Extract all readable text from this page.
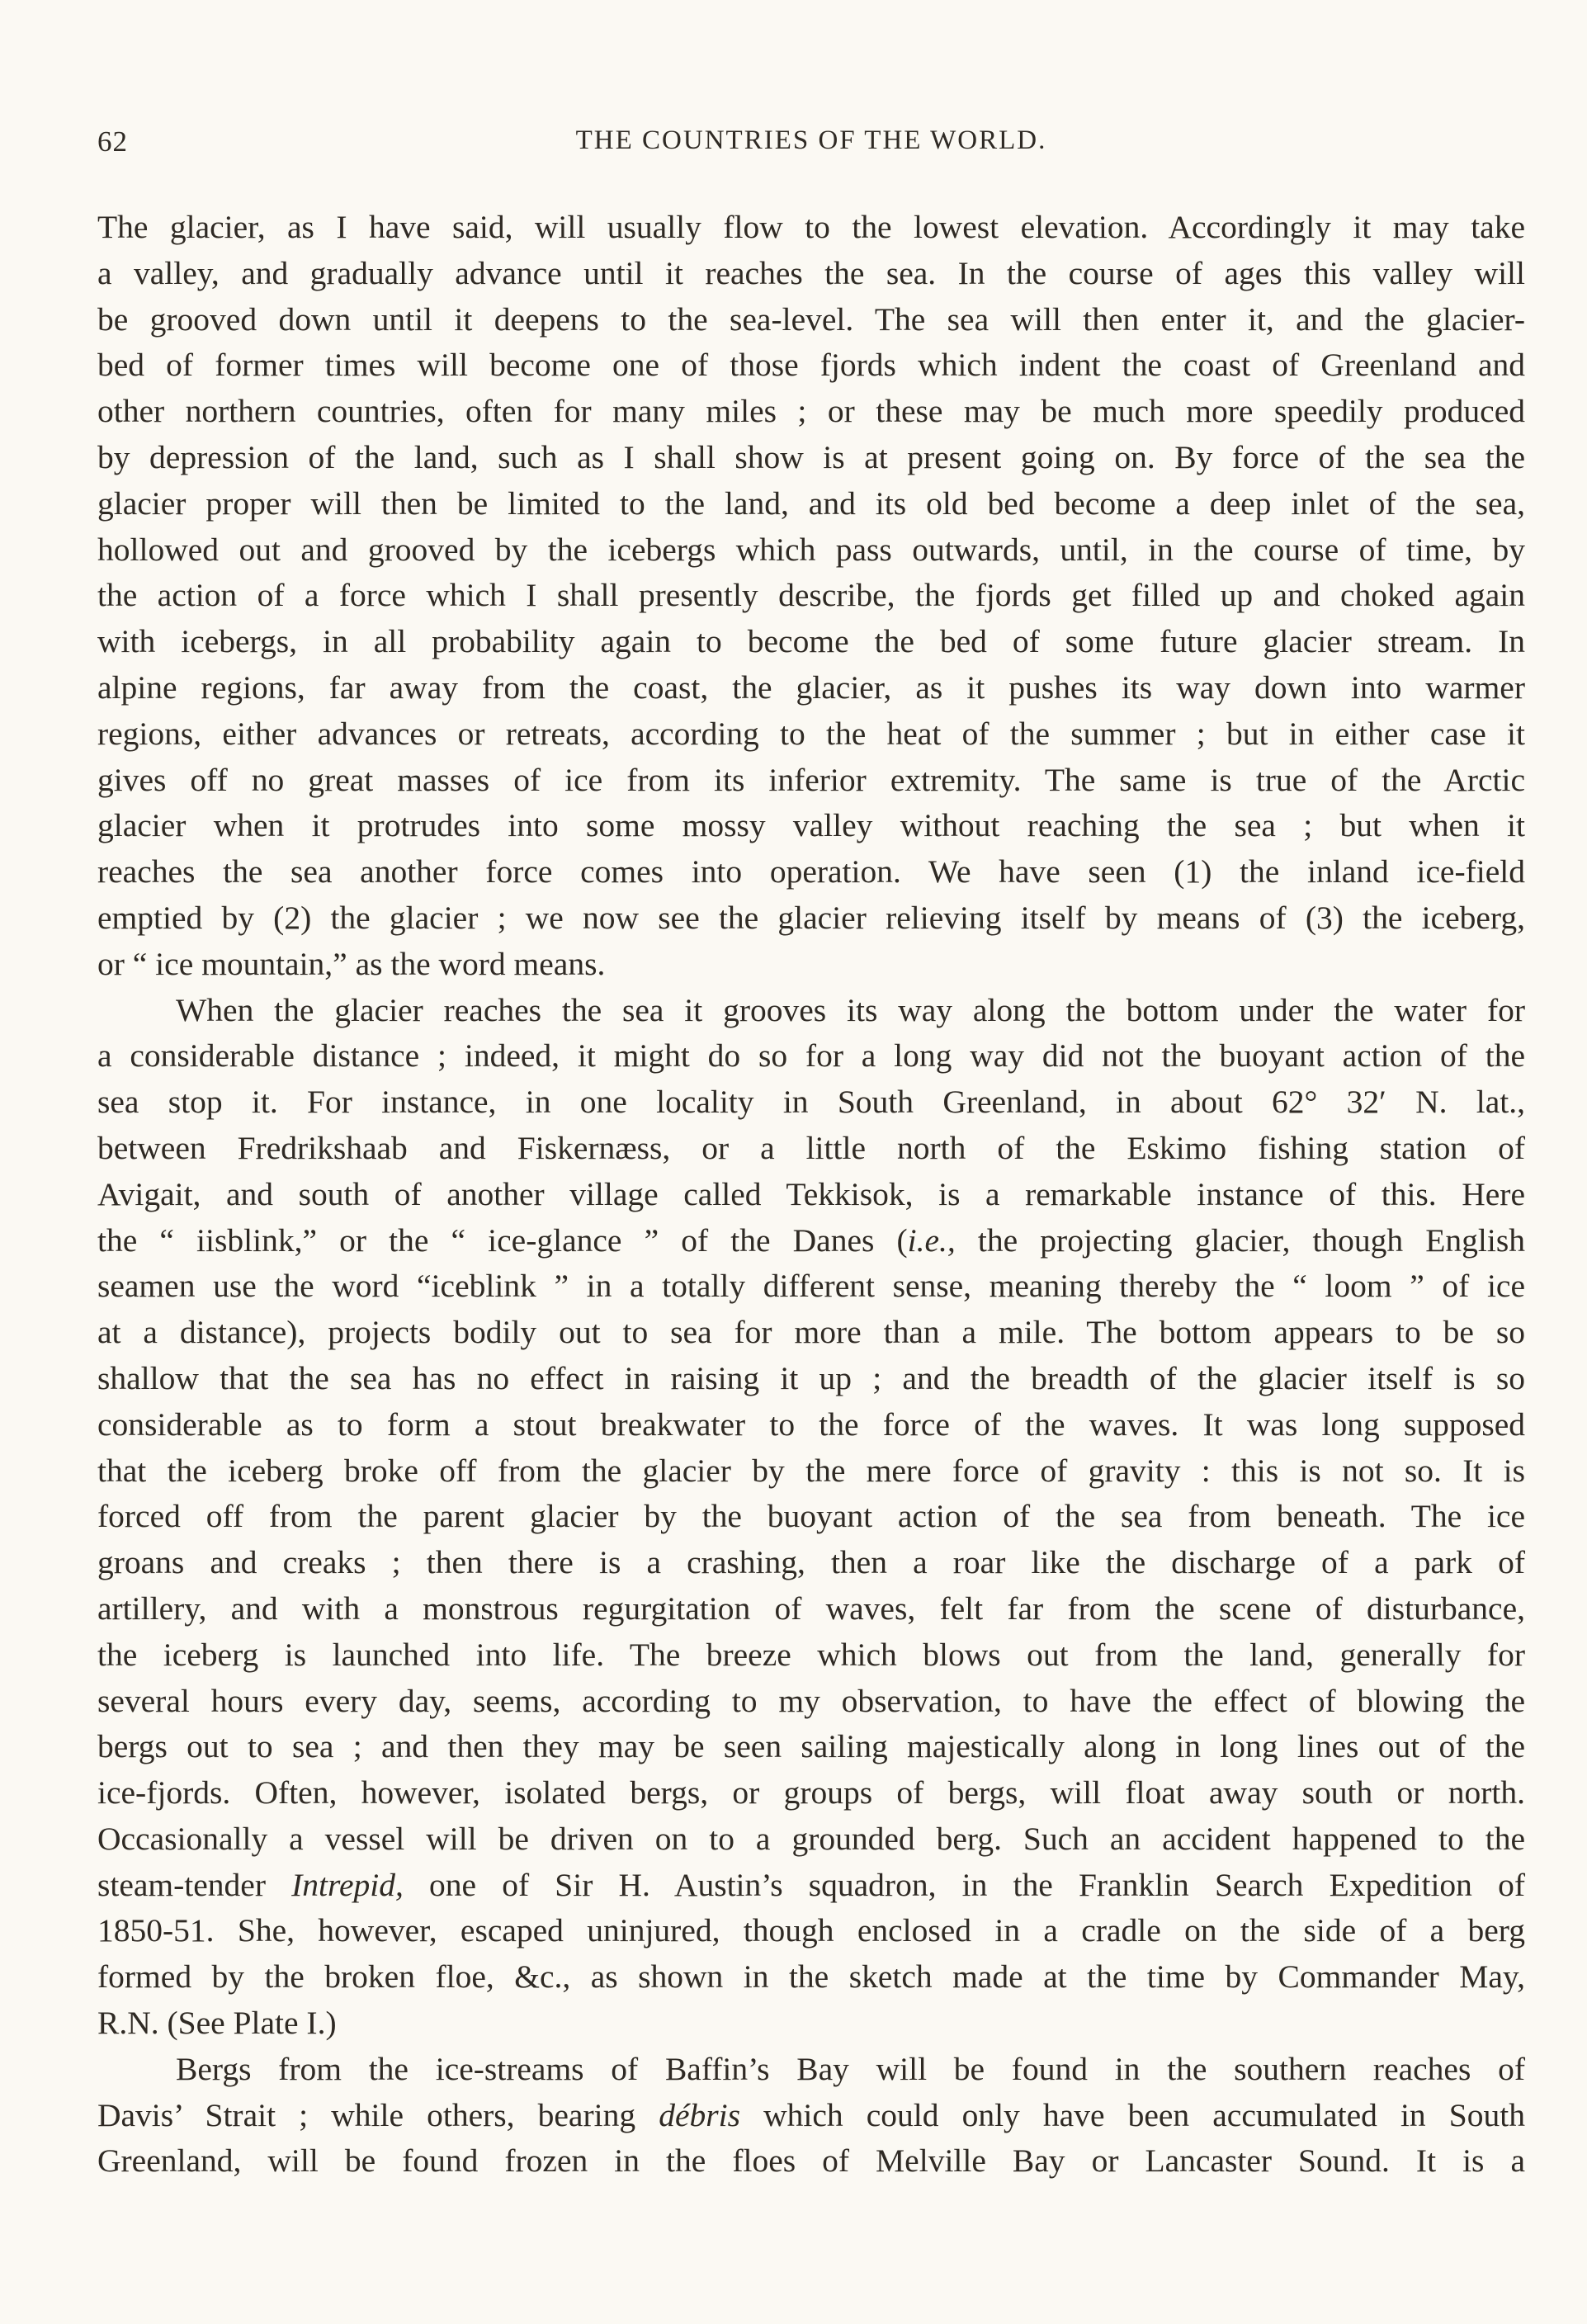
62	THE COUNTRIES OF THE WORLD.
The glacier, as I have said, will usually flow to the lowest elevation. Accordingly it may take
a valley, and gradually advance until it reaches the sea. In the course of ages this valley will
be grooved down until it deepens to the sea-level. The sea will then enter it, and the glacier-
bed of former times will become one of those fjords which indent the coast of Greenland and
other northern countries, often for many miles ; or these may be much more speedily produced
by depression of the land, such as I shall show is at present going on. By force of the sea the
glacier proper will then be limited to the land, and its old bed become a deep inlet of the sea,
hollowed out and grooved by the icebergs which pass outwards, until, in the course of time, by
the action of a force which I shall presently describe, the fjords get filled up and choked again
with icebergs, in all probability again to become the bed of some future glacier stream. In
alpine regions, far away from the coast, the glacier, as it pushes its way down into warmer
regions, either advances or retreats, according to the heat of the summer ; but in either case it
gives off no great masses of ice from its inferior extremity. The same is true of the Arctic
glacier when it protrudes into some mossy valley without reaching the sea ; but when it
reaches the sea another force comes into operation. We have seen (1) the inland ice-field
emptied by (2) the glacier ; we now see the glacier relieving itself by means of (3) the iceberg,
or “ ice mountain,” as the word means.
When the glacier reaches the sea it grooves its way along the bottom under the water for
a considerable distance ; indeed, it might do so for a long way did not the buoyant action of the
sea stop it. For instance, in one locality in South Greenland, in about 62° 32′ N. lat.,
between Fredrikshaab and Fiskernæss, or a little north of the Eskimo fishing station of
Avigait, and south of another village called Tekkisok, is a remarkable instance of this. Here
the “ iisblink,” or the “ ice-glance ” of the Danes (i.e., the projecting glacier, though English
seamen use the word “iceblink ” in a totally different sense, meaning thereby the “ loom ” of ice
at a distance), projects bodily out to sea for more than a mile. The bottom appears to be so
shallow that the sea has no effect in raising it up ; and the breadth of the glacier itself is so
considerable as to form a stout breakwater to the force of the waves. It was long supposed
that the iceberg broke off from the glacier by the mere force of gravity : this is not so. It is
forced off from the parent glacier by the buoyant action of the sea from beneath. The ice
groans and creaks ; then there is a crashing, then a roar like the discharge of a park of
artillery, and with a monstrous regurgitation of waves, felt far from the scene of disturbance,
the iceberg is launched into life. The breeze which blows out from the land, generally for
several hours every day, seems, according to my observation, to have the effect of blowing the
bergs out to sea ; and then they may be seen sailing majestically along in long lines out of the
ice-fjords. Often, however, isolated bergs, or groups of bergs, will float away south or north.
Occasionally a vessel will be driven on to a grounded berg. Such an accident happened to the
steam-tender Intrepid, one of Sir H. Austin’s squadron, in the Franklin Search Expedition of
1850-51. She, however, escaped uninjured, though enclosed in a cradle on the side of a berg
formed by the broken floe, &c., as shown in the sketch made at the time by Commander May,
R.N. (See Plate I.)
Bergs from the ice-streams of Baffin’s Bay will be found in the southern reaches of
Davis’ Strait ; while others, bearing débris which could only have been accumulated in South
Greenland, will be found frozen in the floes of Melville Bay or Lancaster Sound. It is a
